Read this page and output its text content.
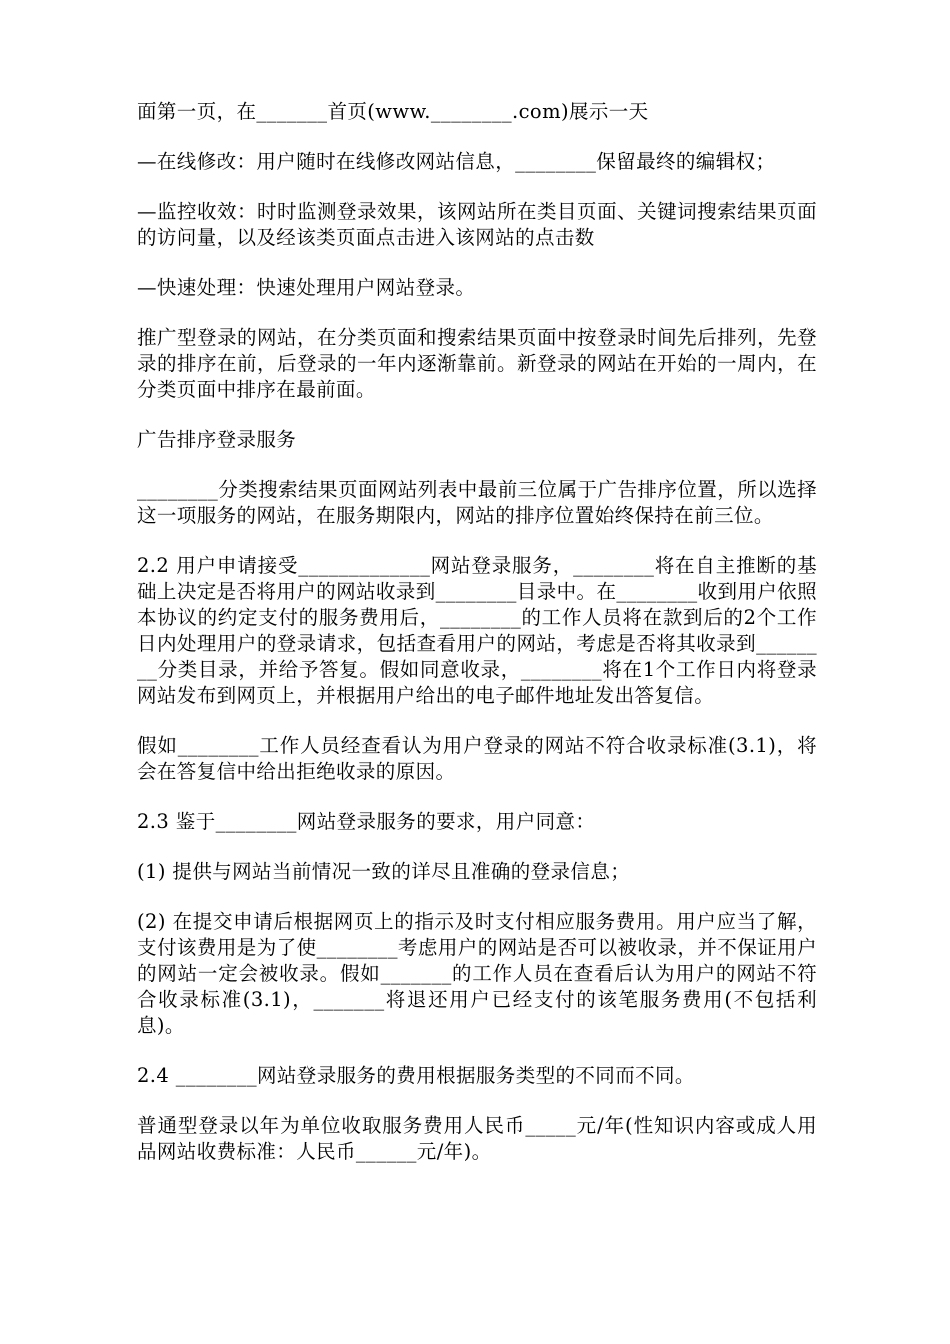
面第一页，在_______首页(www.________.com)展示一天

—在线修改：用户随时在线修改网站信息，________保留最终的编辑权；

—监控收效：时时监测登录效果，该网站所在类目页面、关键词搜索结果页面的访问量，以及经该类页面点击进入该网站的点击数

—快速处理：快速处理用户网站登录。

推广型登录的网站，在分类页面和搜索结果页面中按登录时间先后排列，先登录的排序在前，后登录的一年内逐渐靠前。新登录的网站在开始的一周内，在分类页面中排序在最前面。

广告排序登录服务

________分类搜索结果页面网站列表中最前三位属于广告排序位置，所以选择这一项服务的网站，在服务期限内，网站的排序位置始终保持在前三位。

2.2 用户申请接受_____________网站登录服务，________将在自主推断的基础上决定是否将用户的网站收录到________目录中。在________收到用户依照本协议的约定支付的服务费用后，________的工作人员将在款到后的2个工作日内处理用户的登录请求，包括查看用户的网站，考虑是否将其收录到________分类目录，并给予答复。假如同意收录，________将在1个工作日内将登录网站发布到网页上，并根据用户给出的电子邮件地址发出答复信。

假如________工作人员经查看认为用户登录的网站不符合收录标准(3.1)，将会在答复信中给出拒绝收录的原因。

2.3 鉴于________网站登录服务的要求，用户同意：

(1) 提供与网站当前情况一致的详尽且准确的登录信息；

(2) 在提交申请后根据网页上的指示及时支付相应服务费用。用户应当了解，支付该费用是为了使________考虑用户的网站是否可以被收录，并不保证用户的网站一定会被收录。假如_______的工作人员在查看后认为用户的网站不符合收录标准(3.1)，_______将退还用户已经支付的该笔服务费用(不包括利息)。

2.4 ________网站登录服务的费用根据服务类型的不同而不同。

普通型登录以年为单位收取服务费用人民币_____元/年(性知识内容或成人用品网站收费标准：人民币______元/年)。
